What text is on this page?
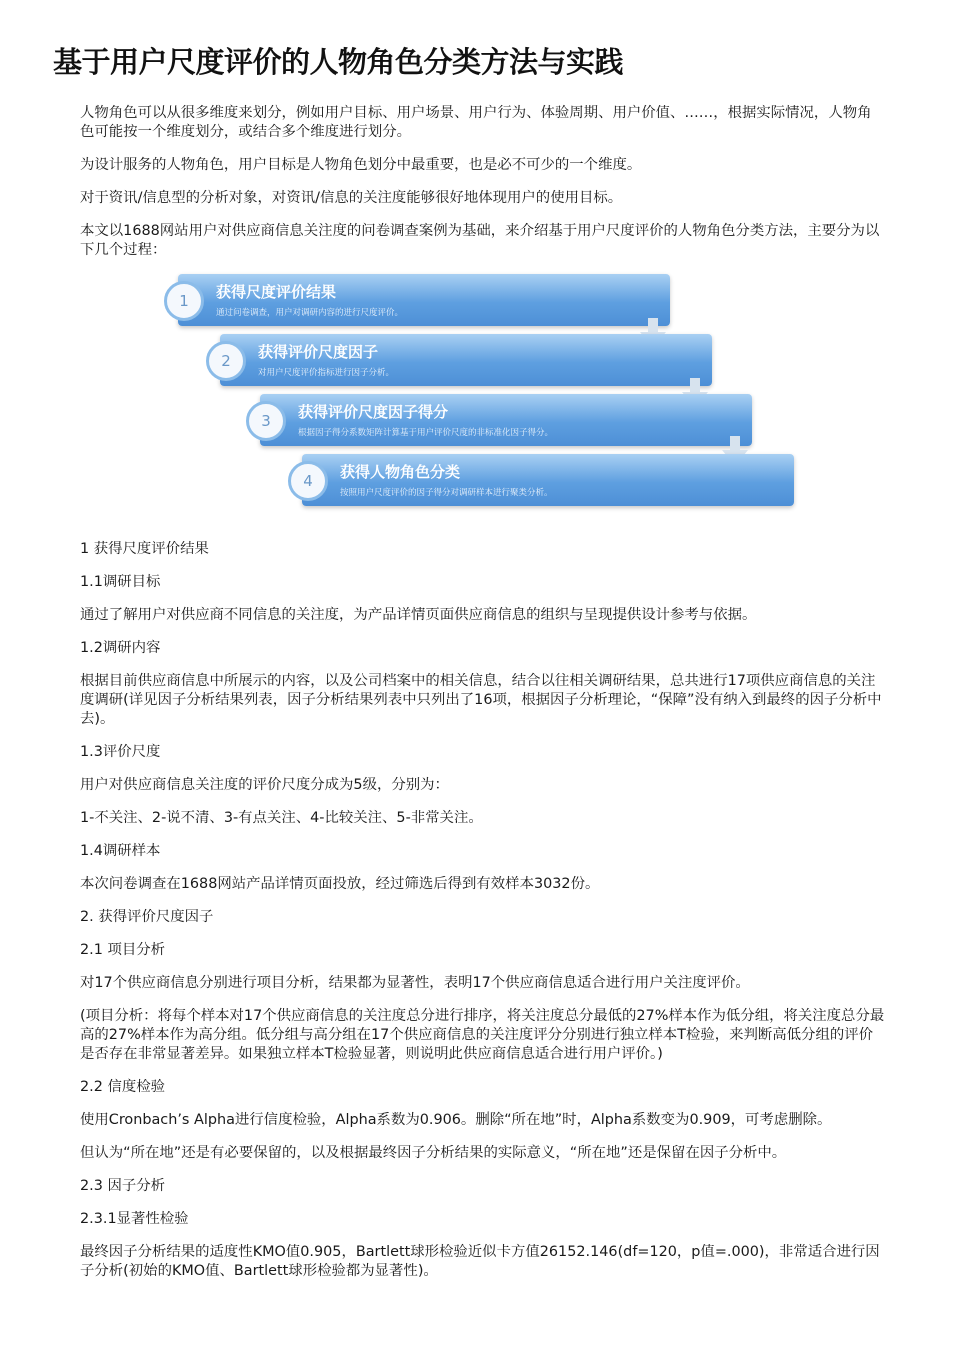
基于用户尺度评价的人物角色分类方法与实践

人物角色可以从很多维度来划分，例如用户目标、用户场景、用户行为、体验周期、用户价值、……，根据实际情况，人物角色可能按一个维度划分，或结合多个维度进行划分。

为设计服务的人物角色，用户目标是人物角色划分中最重要，也是必不可少的一个维度。

对于资讯/信息型的分析对象，对资讯/信息的关注度能够很好地体现用户的使用目标。

本文以1688网站用户对供应商信息关注度的问卷调查案例为基础，来介绍基于用户尺度评价的人物角色分类方法，主要分为以下几个过程：

1	获得尺度评价结果
通过问卷调查，用户对调研内容的进行尺度评价。
2	获得评价尺度因子
对用户尺度评价指标进行因子分析。
3	获得评价尺度因子得分
根据因子得分系数矩阵计算基于用户评价尺度的非标准化因子得分。
4	获得人物角色分类
按照用户尺度评价的因子得分对调研样本进行聚类分析。

1 获得尺度评价结果

1.1调研目标

通过了解用户对供应商不同信息的关注度，为产品详情页面供应商信息的组织与呈现提供设计参考与依据。

1.2调研内容

根据目前供应商信息中所展示的内容，以及公司档案中的相关信息，结合以往相关调研结果，总共进行17项供应商信息的关注度调研(详见因子分析结果列表，因子分析结果列表中只列出了16项，根据因子分析理论，“保障”没有纳入到最终的因子分析中去)。

1.3评价尺度

用户对供应商信息关注度的评价尺度分成为5级，分别为：

1-不关注、2-说不清、3-有点关注、4-比较关注、5-非常关注。

1.4调研样本

本次问卷调查在1688网站产品详情页面投放，经过筛选后得到有效样本3032份。

2. 获得评价尺度因子

2.1 项目分析

对17个供应商信息分别进行项目分析，结果都为显著性，表明17个供应商信息适合进行用户关注度评价。

(项目分析：将每个样本对17个供应商信息的关注度总分进行排序，将关注度总分最低的27%样本作为低分组，将关注度总分最高的27%样本作为高分组。低分组与高分组在17个供应商信息的关注度评分分别进行独立样本T检验，来判断高低分组的评价是否存在非常显著差异。如果独立样本T检验显著，则说明此供应商信息适合进行用户评价。)

2.2 信度检验

使用Cronbach’s Alpha进行信度检验，Alpha系数为0.906。删除“所在地”时，Alpha系数变为0.909，可考虑删除。

但认为“所在地”还是有必要保留的，以及根据最终因子分析结果的实际意义，“所在地”还是保留在因子分析中。

2.3 因子分析

2.3.1显著性检验

最终因子分析结果的适度性KMO值0.905，Bartlett球形检验近似卡方值26152.146(df=120，p值=.000)，非常适合进行因子分析(初始的KMO值、Bartlett球形检验都为显著性)。
